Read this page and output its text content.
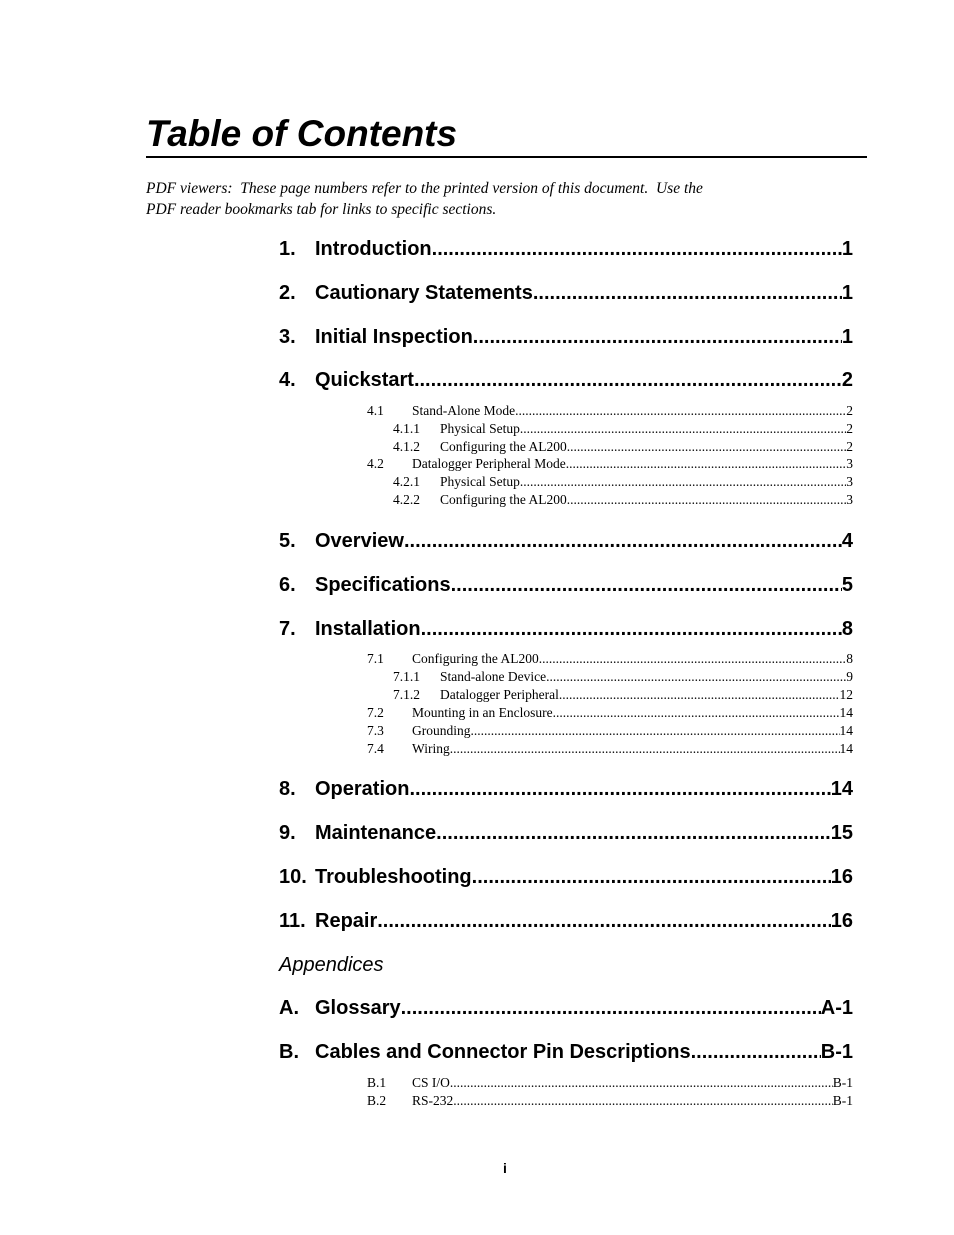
Table of Contents
PDF viewers:  These page numbers refer to the printed version of this document.  Use the
PDF reader bookmarks tab for links to specific sections.
1. Introduction .....	1
2. Cautionary Statements .....	1
3. Initial Inspection .....	1
4. Quickstart .....	2
4.1 Stand-Alone Mode .....	2
4.1.1 Physical Setup .....	2
4.1.2 Configuring the AL200 .....	2
4.2 Datalogger Peripheral Mode .....	3
4.2.1 Physical Setup .....	3
4.2.2 Configuring the AL200 .....	3
5. Overview .....	4
6. Specifications .....	5
7. Installation .....	8
7.1 Configuring the AL200 .....	8
7.1.1 Stand-alone Device .....	9
7.1.2 Datalogger Peripheral .....	12
7.2 Mounting in an Enclosure .....	14
7.3 Grounding .....	14
7.4 Wiring .....	14
8. Operation .....	14
9. Maintenance .....	15
10. Troubleshooting .....	16
11. Repair .....	16
Appendices
A. Glossary .....	A-1
B. Cables and Connector Pin Descriptions .....	B-1
B.1 CS I/O .....	B-1
B.2 RS-232 .....	B-1
i
